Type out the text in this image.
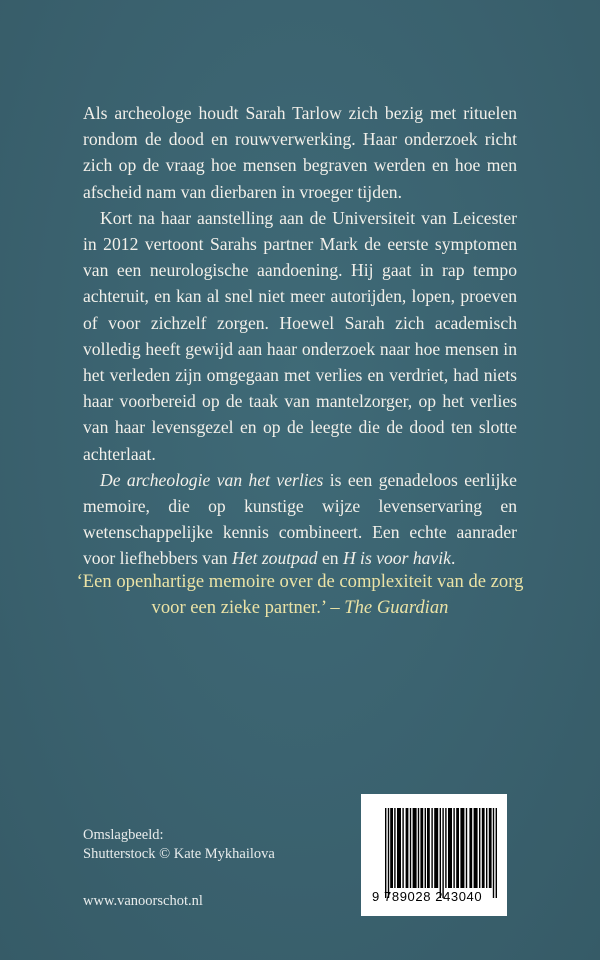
Als archeologe houdt Sarah Tarlow zich bezig met rituelen rondom de dood en rouwverwerking. Haar onderzoek richt zich op de vraag hoe mensen begraven werden en hoe men afscheid nam van dierbaren in vroeger tijden.

Kort na haar aanstelling aan de Universiteit van Leicester in 2012 vertoont Sarahs partner Mark de eerste symptomen van een neurologische aandoening. Hij gaat in rap tempo achteruit, en kan al snel niet meer autorijden, lopen, proeven of voor zichzelf zorgen. Hoewel Sarah zich academisch volledig heeft gewijd aan haar onderzoek naar hoe mensen in het verleden zijn omgegaan met verlies en verdriet, had niets haar voorbereid op de taak van mantelzorger, op het verlies van haar levensgezel en op de leegte die de dood ten slotte achterlaat.

De archeologie van het verlies is een genadeloos eerlijke memoire, die op kunstige wijze levenservaring en wetenschappelijke kennis combineert. Een echte aanrader voor liefhebbers van Het zoutpad en H is voor havik.

‘Een openhartige memoire over de complexiteit van de zorg voor een zieke partner.’ – The Guardian
Omslagbeeld:
Shutterstock © Kate Mykhailova
www.vanoorschot.nl	9 789028 243040
